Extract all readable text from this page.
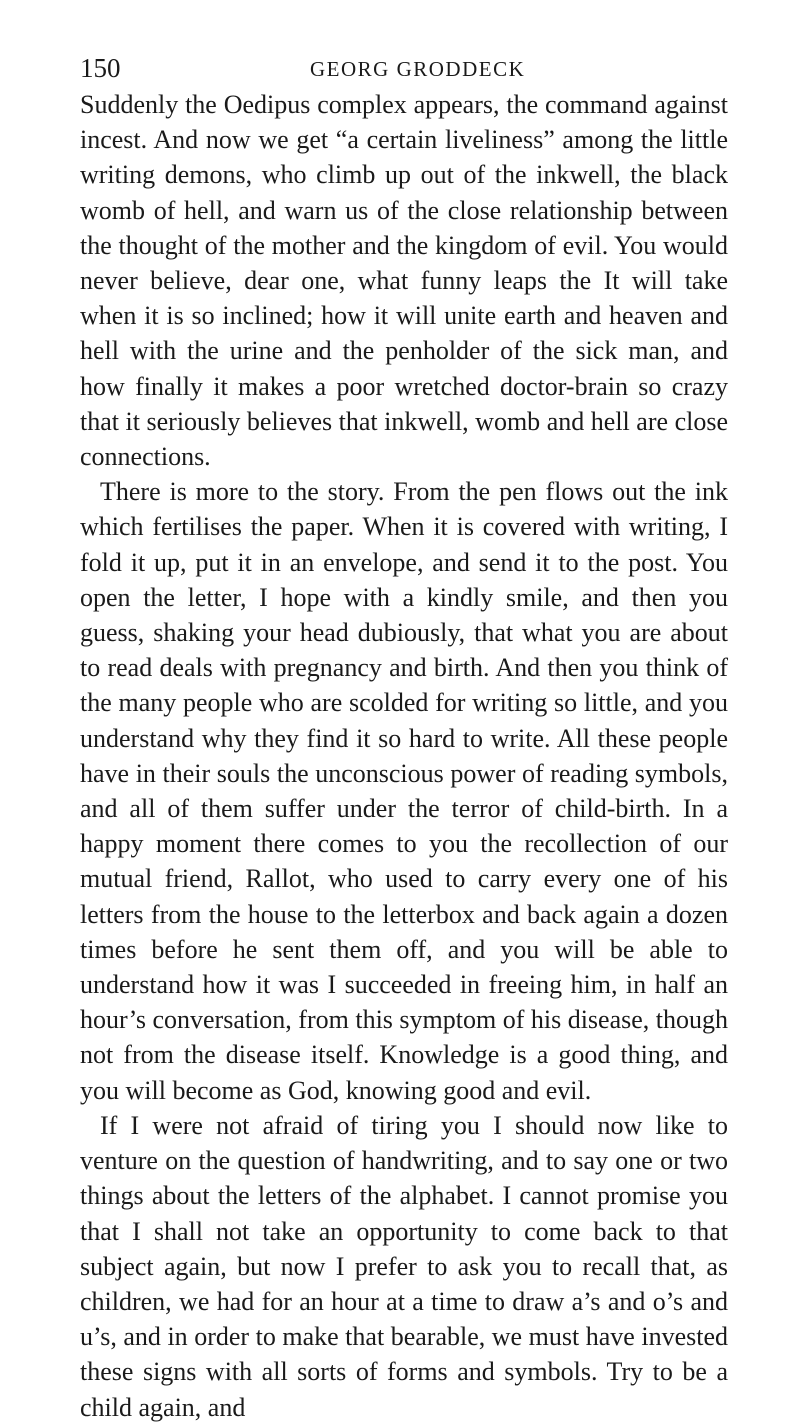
150	GEORG GRODDECK

Suddenly the Oedipus complex appears, the command against incest. And now we get “a certain liveliness” among the little writing demons, who climb up out of the inkwell, the black womb of hell, and warn us of the close relationship between the thought of the mother and the kingdom of evil. You would never believe, dear one, what funny leaps the It will take when it is so inclined; how it will unite earth and heaven and hell with the urine and the penholder of the sick man, and how finally it makes a poor wretched doctor-brain so crazy that it seriously believes that inkwell, womb and hell are close connections.

There is more to the story. From the pen flows out the ink which fertilises the paper. When it is covered with writing, I fold it up, put it in an envelope, and send it to the post. You open the letter, I hope with a kindly smile, and then you guess, shaking your head dubiously, that what you are about to read deals with pregnancy and birth. And then you think of the many people who are scolded for writing so little, and you understand why they find it so hard to write. All these people have in their souls the unconscious power of reading symbols, and all of them suffer under the terror of child-birth. In a happy moment there comes to you the recollection of our mutual friend, Rallot, who used to carry every one of his letters from the house to the letterbox and back again a dozen times before he sent them off, and you will be able to understand how it was I succeeded in freeing him, in half an hour’s conversation, from this symptom of his disease, though not from the disease itself. Knowledge is a good thing, and you will become as God, knowing good and evil.

If I were not afraid of tiring you I should now like to venture on the question of handwriting, and to say one or two things about the letters of the alphabet. I cannot promise you that I shall not take an opportunity to come back to that subject again, but now I prefer to ask you to recall that, as children, we had for an hour at a time to draw a’s and o’s and u’s, and in order to make that bearable, we must have invested these signs with all sorts of forms and symbols. Try to be a child again, and
